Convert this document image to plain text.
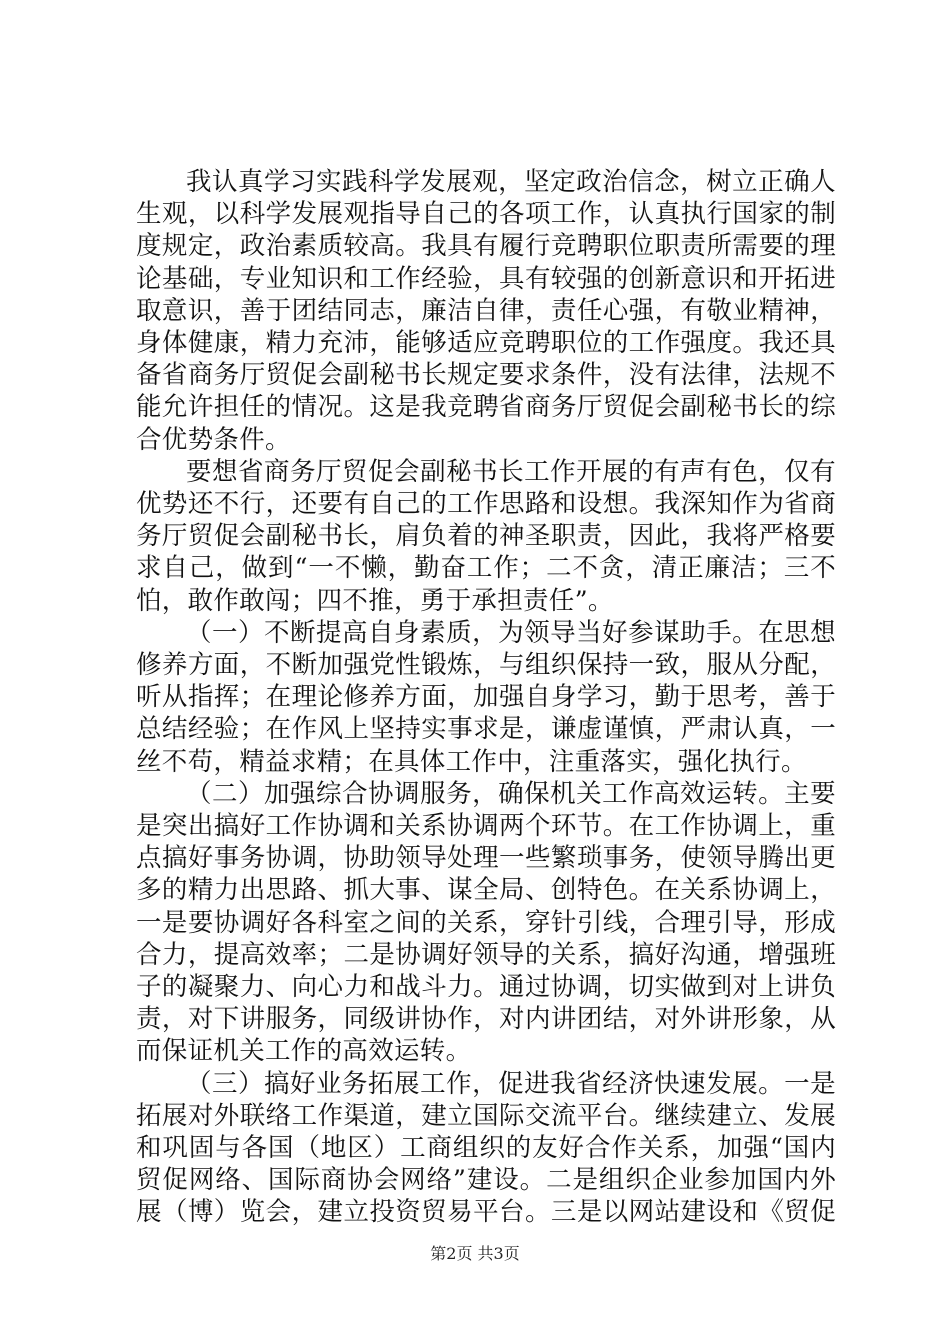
我认真学习实践科学发展观，坚定政治信念，树立正确人
生观，以科学发展观指导自己的各项工作，认真执行国家的制
度规定，政治素质较高。我具有履行竞聘职位职责所需要的理
论基础，专业知识和工作经验，具有较强的创新意识和开拓进
取意识，善于团结同志，廉洁自律，责任心强，有敬业精神，
身体健康，精力充沛，能够适应竞聘职位的工作强度。我还具
备省商务厅贸促会副秘书长规定要求条件，没有法律，法规不
能允许担任的情况。这是我竞聘省商务厅贸促会副秘书长的综
合优势条件。
要想省商务厅贸促会副秘书长工作开展的有声有色，仅有
优势还不行，还要有自己的工作思路和设想。我深知作为省商
务厅贸促会副秘书长，肩负着的神圣职责，因此，我将严格要
求自己，做到“一不懒，勤奋工作；二不贪，清正廉洁；三不
怕，敢作敢闯；四不推，勇于承担责任”。
（一）不断提高自身素质，为领导当好参谋助手。在思想
修养方面，不断加强党性锻炼，与组织保持一致，服从分配，
听从指挥；在理论修养方面，加强自身学习，勤于思考，善于
总结经验；在作风上坚持实事求是，谦虚谨慎，严肃认真，一
丝不苟，精益求精；在具体工作中，注重落实，强化执行。
（二）加强综合协调服务，确保机关工作高效运转。主要
是突出搞好工作协调和关系协调两个环节。在工作协调上，重
点搞好事务协调，协助领导处理一些繁琐事务，使领导腾出更
多的精力出思路、抓大事、谋全局、创特色。在关系协调上，
一是要协调好各科室之间的关系，穿针引线，合理引导，形成
合力，提高效率；二是协调好领导的关系，搞好沟通，增强班
子的凝聚力、向心力和战斗力。通过协调，切实做到对上讲负
责，对下讲服务，同级讲协作，对内讲团结，对外讲形象，从
而保证机关工作的高效运转。
（三）搞好业务拓展工作，促进我省经济快速发展。一是
拓展对外联络工作渠道，建立国际交流平台。继续建立、发展
和巩固与各国（地区）工商组织的友好合作关系，加强“国内
贸促网络、国际商协会网络”建设。二是组织企业参加国内外
展（博）览会，建立投资贸易平台。三是以网站建设和《贸促
第2页 共3页
